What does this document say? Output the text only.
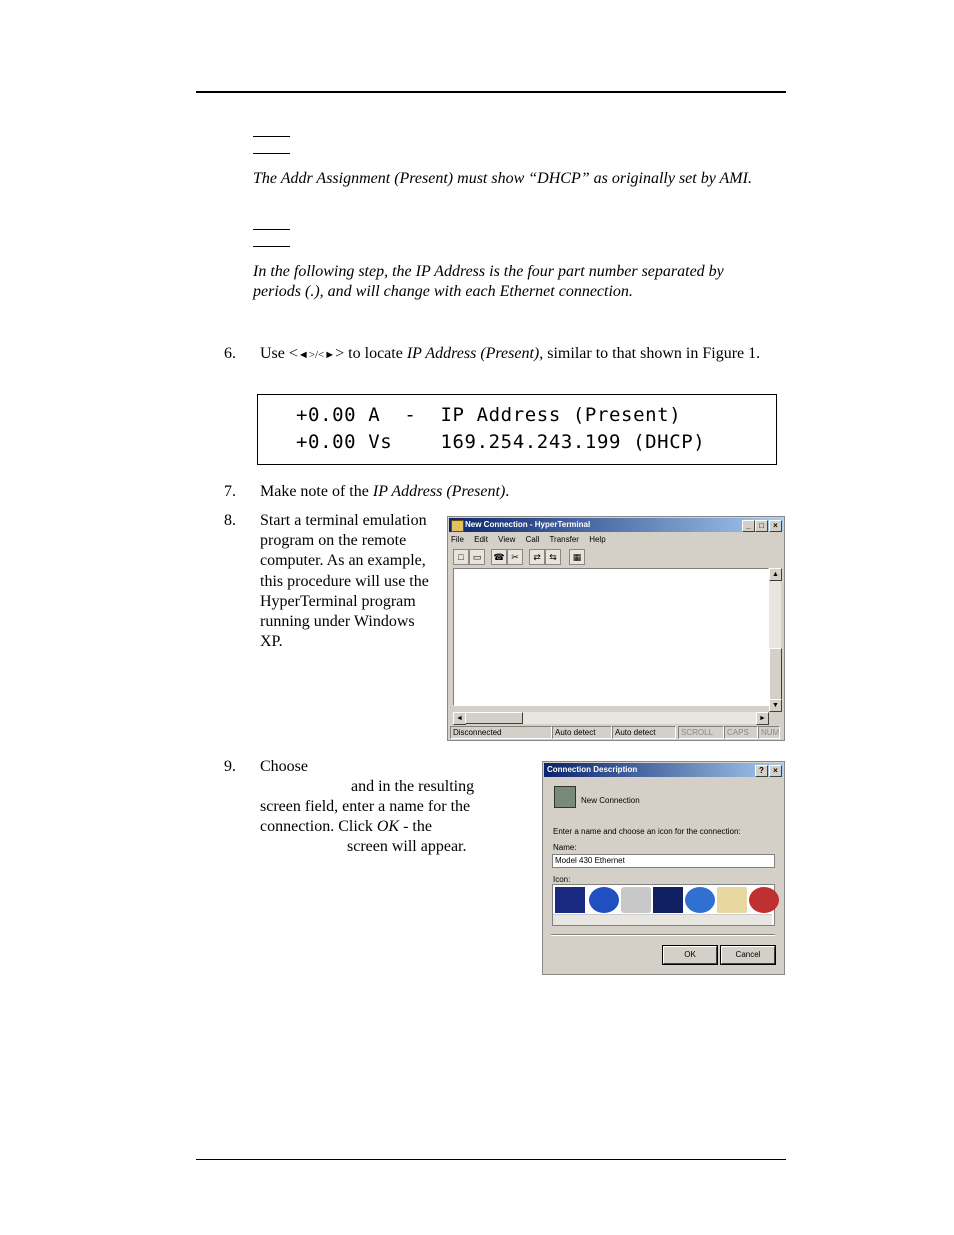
The Addr Assignment (Present) must show “DHCP” as originally set by AMI.
In the following step, the IP Address is the four part number separated by periods (.), and will change with each Ethernet connection.
6. Use <◄>/<►> to locate IP Address (Present), similar to that shown in Figure 1.
+0.00 A  -  IP Address (Present)
+0.00 Vs    169.254.243.199 (DHCP)
7. Make note of the IP Address (Present).
8. Start a terminal emulation program on the remote computer. As an example, this procedure will use the HyperTerminal program running under Windows XP.
New Connection - HyperTerminal	_	□	×
File Edit View Call Transfer Help
□	▭	☎ ✂	⇄ ⇆	▦
▲
▼
◄	►
Disconnected	Auto detect	Auto detect	SCROLL	CAPS	NUM
9. Choose
and in the resulting
screen field, enter a name for the
connection. Click OK - the
screen will appear.
Connection Description	?	×
New Connection
Enter a name and choose an icon for the connection:
Name:
Model 430 Ethernet
Icon:
OK	Cancel
